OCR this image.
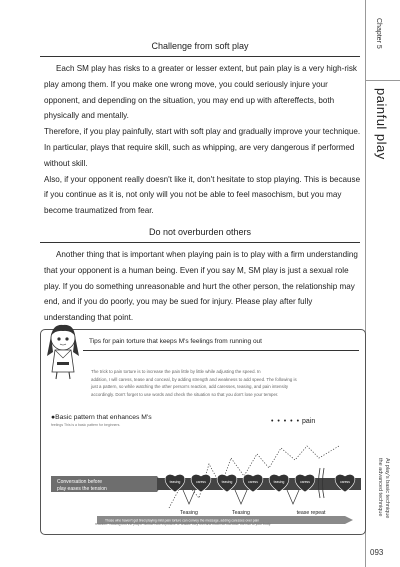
Chapter 5
painful play
At play's basic technique
the advanced technique
093
Challenge from soft play

Each SM play has risks to a greater or lesser extent, but pain play is a very high-risk play among them. If you make one wrong move, you could seriously injure your opponent, and depending on the situation, you may end up with aftereffects, both physically and mentally.

Therefore, if you play painfully, start with soft play and gradually improve your technique. In particular, plays that require skill, such as whipping, are very dangerous if performed without skill.

Also, if your opponent really doesn't like it, don't hesitate to stop playing. This is because if you continue as it is, not only will you not be able to feel masochism, but you may become traumatized from fear.

Do not overburden others

Another thing that is important when playing pain is to play with a firm understanding that your opponent is a human being. Even if you say M, SM play is just a sexual role play. If you do something unreasonable and hurt the other person, the relationship may end, and if you do poorly, you may be sued for injury. Please play after fully understanding that point.

Tips for pain torture that keeps M's feelings from running out

The trick to pain torture is to increase the pain little by little while adjusting the speed. In

addition, I will caress, tease and conceal, by adding strength and weakness to add speed. The following is

just a pattern, so while watching the other person's reaction, add caresses, teasing, and pain intensity

accordingly. Don't forget to use words and check the situation so that you don't lose your temper.

●Basic pattern that enhances M's
feelings This is a basic pattern for beginners.	• • • • • pain
Conversation before play eases the tension
teasing	caress	teasing	caress	teasing	caress	caress
Teasing	Teasing	tease repeat
Those who haven't got tired playing mild pain torture can convey the message, adding caresses over pain
reaction. Teasing lets the player decide how explosive or unsafe they feel and must not increase the risk to your body.
